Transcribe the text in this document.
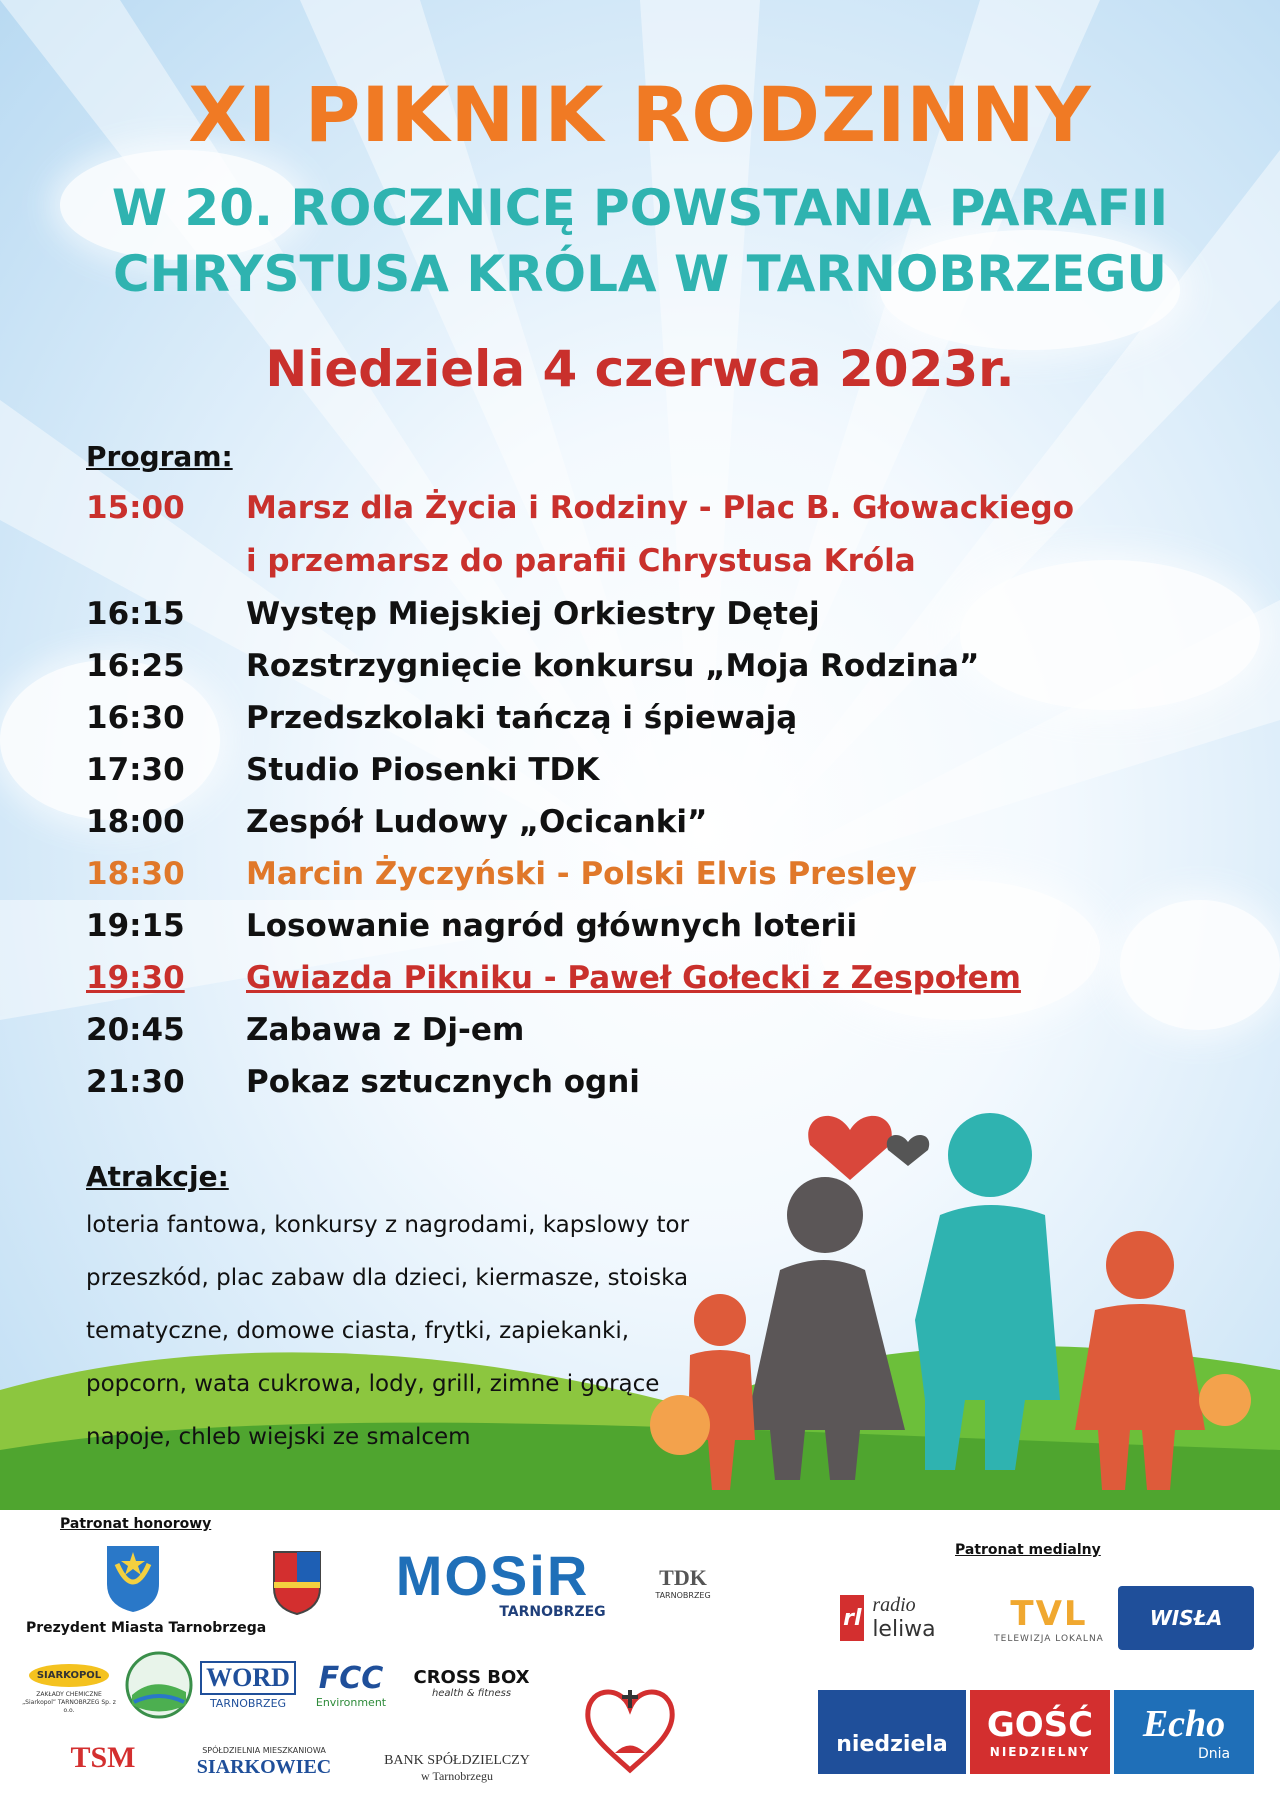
XI PIKNIK RODZINNY
W 20. ROCZNICĘ POWSTANIA PARAFII
CHRYSTUSA KRÓLA W TARNOBRZEGU
Niedziela 4 czerwca 2023r.
Program:
15:00	Marsz dla Życia i Rodziny - Plac B. Głowackiego
i przemarsz do parafii Chrystusa Króla
16:15	Występ Miejskiej Orkiestry Dętej
16:25	Rozstrzygnięcie konkursu „Moja Rodzina”
16:30	Przedszkolaki tańczą i śpiewają
17:30	Studio Piosenki TDK
18:00	Zespół Ludowy „Ocicanki”
18:30	Marcin Życzyński - Polski Elvis Presley
19:15	Losowanie nagród głównych loterii
19:30	Gwiazda Pikniku - Paweł Gołecki z Zespołem
20:45	Zabawa z Dj-em
21:30	Pokaz sztucznych ogni
Atrakcje:
loteria fantowa, konkursy z nagrodami, kapslowy tor
przeszkód, plac zabaw dla dzieci, kiermasze, stoiska
tematyczne, domowe ciasta, frytki, zapiekanki,
popcorn, wata cukrowa, lody, grill, zimne i gorące
napoje, chleb wiejski ze smalcem
Patronat honorowy
Prezydent Miasta Tarnobrzega
Patronat medialny
MOSiR
TARNOBRZEG
TDK
TARNOBRZEG
SIARKOPOL
ZAKŁADY CHEMICZNE „Siarkopol” TARNOBRZEG Sp. z o.o.
WORD
TARNOBRZEG
FCC
Environment
CROSS BOX
health & fitness
TSM	SPÓŁDZIELNIA MIESZKANIOWA
SIARKOWIEC	BANK SPÓŁDZIELCZY
w Tarnobrzegu
rl
radio
leliwa TVL
TELEWIZJA LOKALNA
WISŁA
niedziela GOŚĆ
NIEDZIELNY
Echo
Dnia
